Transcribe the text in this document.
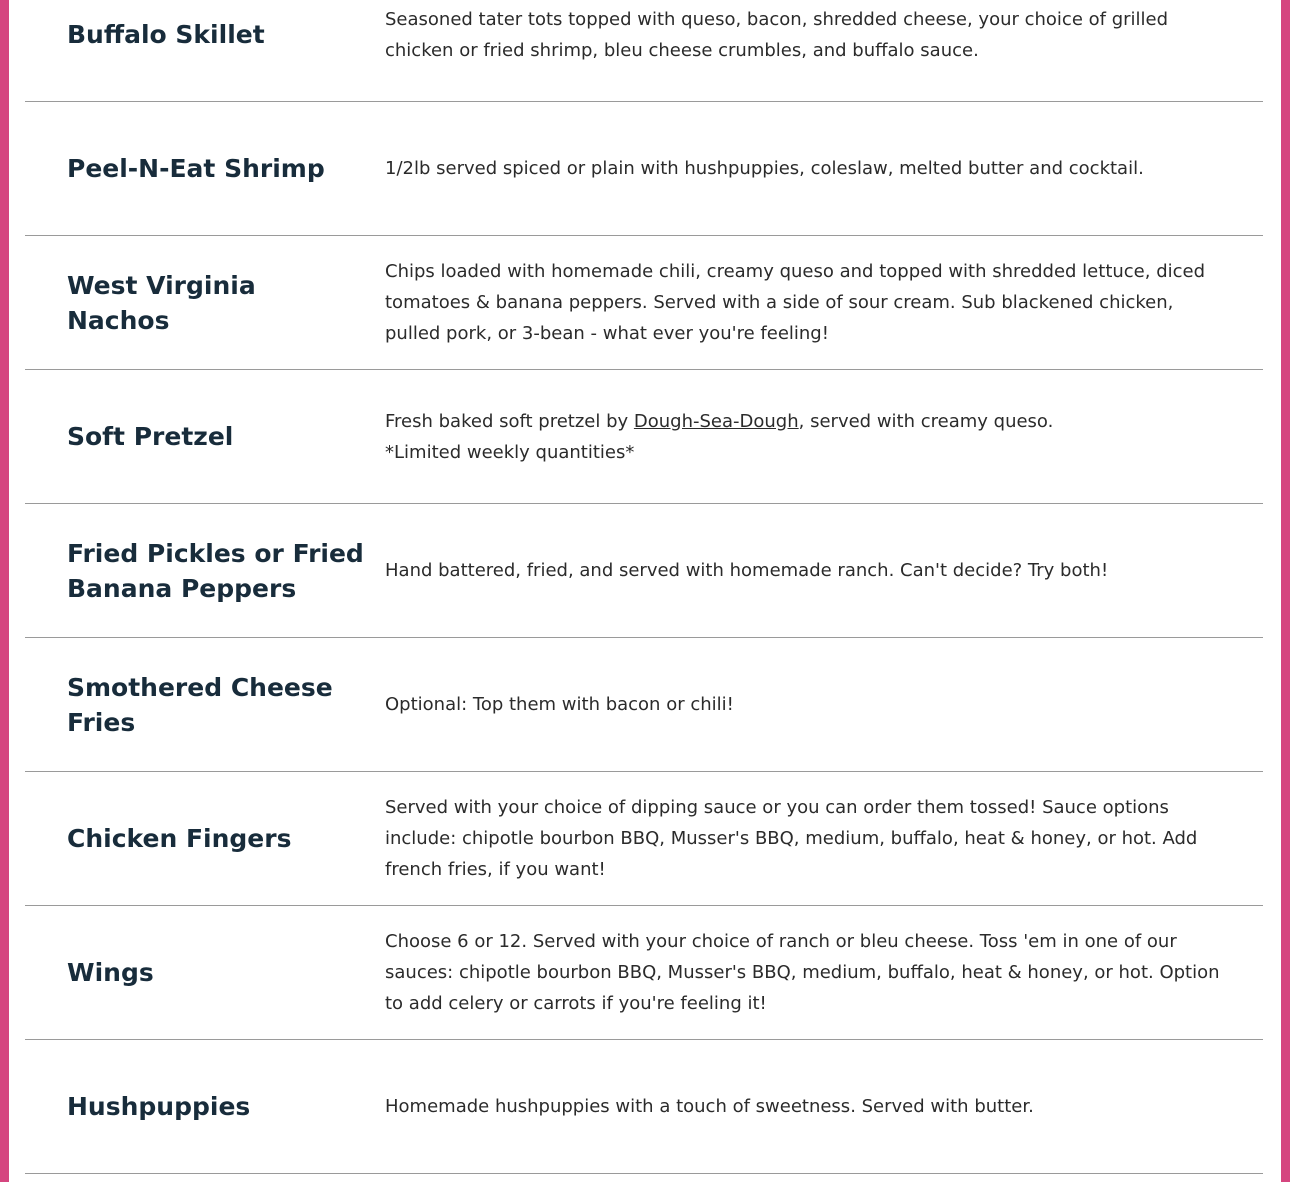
Buffalo Skillet
Seasoned tater tots topped with queso, bacon, shredded cheese, your choice of grilled chicken or fried shrimp, bleu cheese crumbles, and buffalo sauce.
Peel-N-Eat Shrimp	1/2lb served spiced or plain with hushpuppies, coleslaw, melted butter and cocktail.
West Virginia Nachos
Chips loaded with homemade chili, creamy queso and topped with shredded lettuce, diced tomatoes & banana peppers. Served with a side of sour cream. Sub blackened chicken, pulled pork, or 3-bean - what ever you're feeling!
Soft Pretzel
Fresh baked soft pretzel by Dough-Sea-Dough, served with creamy queso.
*Limited weekly quantities*
Fried Pickles or Fried Banana Peppers
Hand battered, fried, and served with homemade ranch. Can't decide? Try both!
Smothered Cheese Fries
Optional: Top them with bacon or chili!
Chicken Fingers
Served with your choice of dipping sauce or you can order them tossed! Sauce options include: chipotle bourbon BBQ, Musser's BBQ, medium, buffalo, heat & honey, or hot. Add french fries, if you want!
Wings
Choose 6 or 12. Served with your choice of ranch or bleu cheese. Toss 'em in one of our sauces: chipotle bourbon BBQ, Musser's BBQ, medium, buffalo, heat & honey, or hot. Option to add celery or carrots if you're feeling it!
Hushpuppies	Homemade hushpuppies with a touch of sweetness. Served with butter.
